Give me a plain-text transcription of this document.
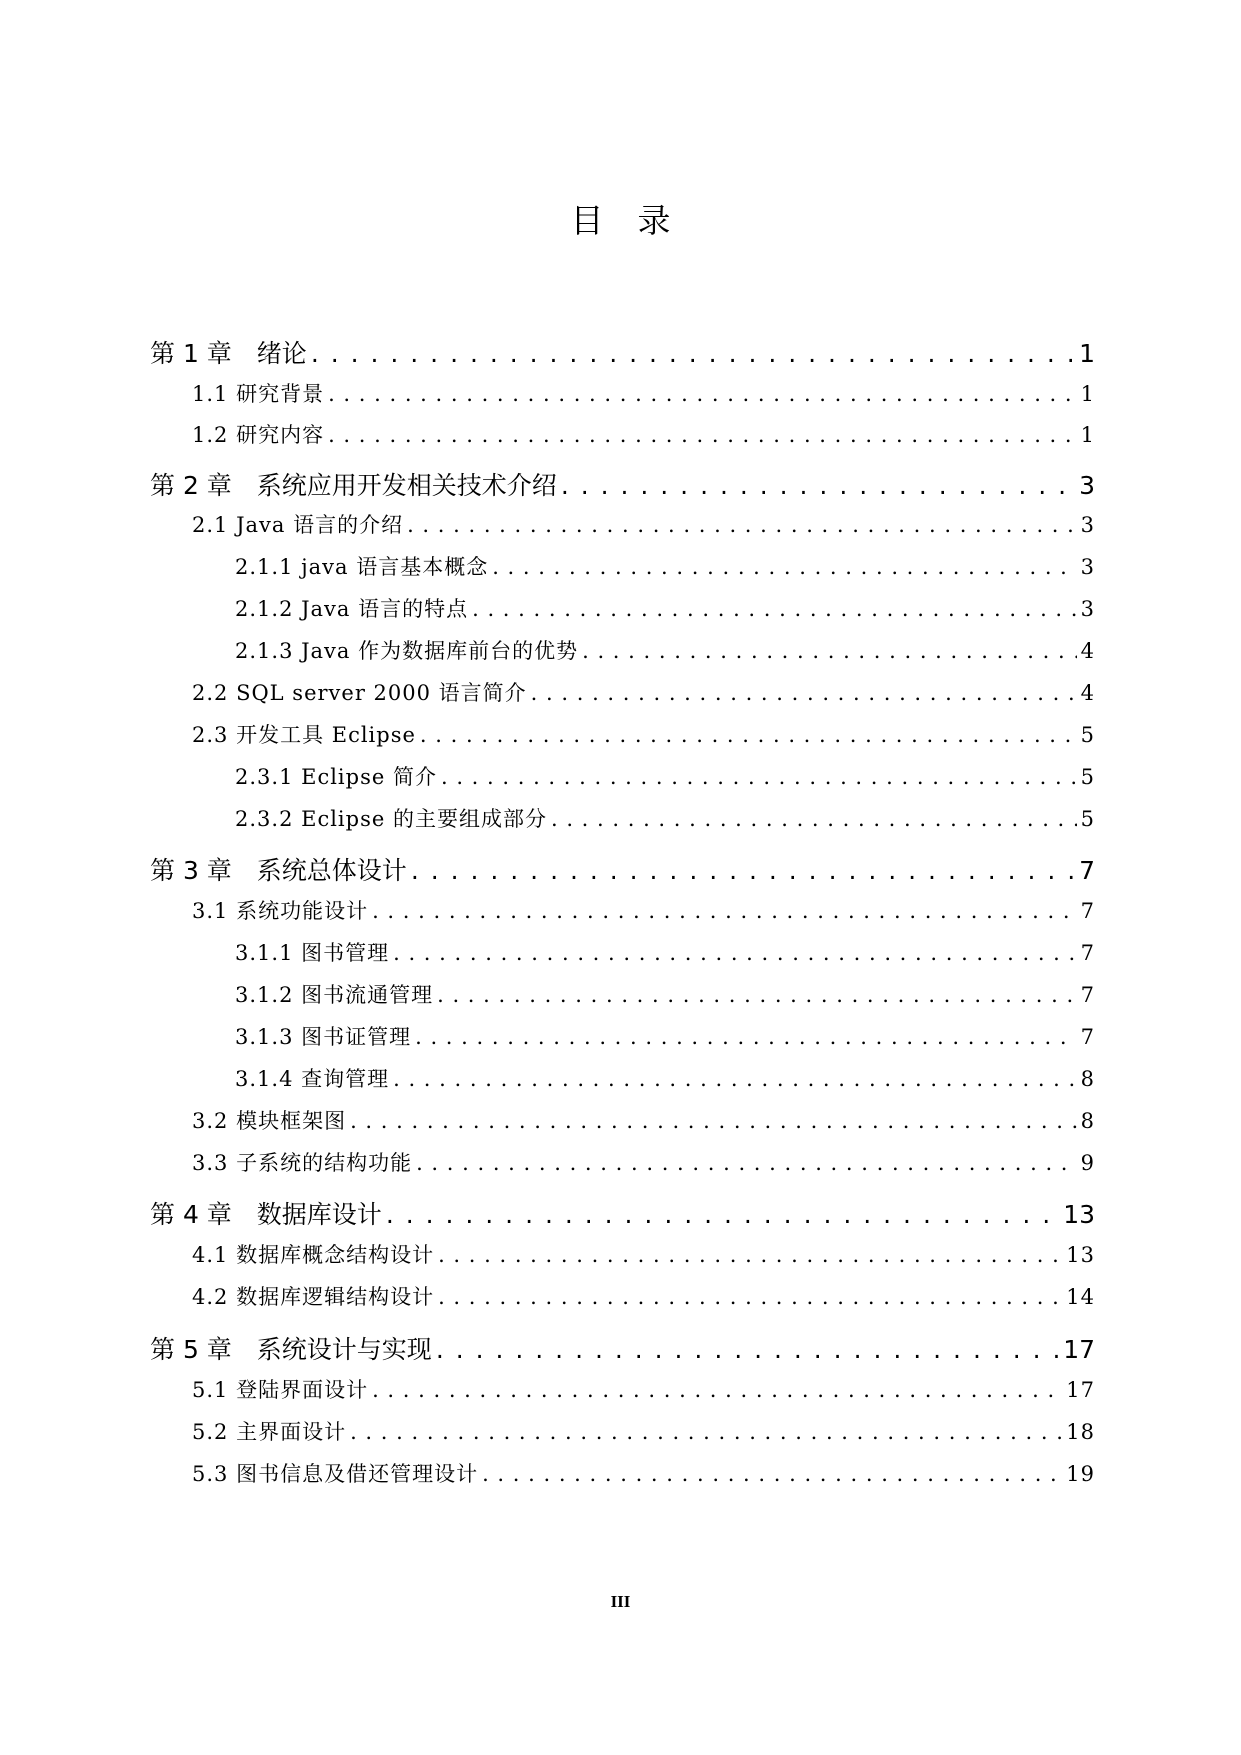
目录
第 1 章　绪论 . . .	1
1.1 研究背景 . . .	1
1.2 研究内容 . . .	1
第 2 章　系统应用开发相关技术介绍 . . .	3
2.1 Java 语言的介绍 . . .	3
2.1.1 java 语言基本概念 . . .	3
2.1.2 Java 语言的特点 . . .	3
2.1.3 Java 作为数据库前台的优势 . . .	4
2.2 SQL server 2000 语言简介 . . .	4
2.3 开发工具 Eclipse . . .	5
2.3.1 Eclipse 简介 . . .	5
2.3.2 Eclipse 的主要组成部分 . . .	5
第 3 章　系统总体设计 . . .	7
3.1 系统功能设计 . . .	7
3.1.1 图书管理 . . .	7
3.1.2 图书流通管理 . . .	7
3.1.3 图书证管理 . . .	7
3.1.4 查询管理 . . .	8
3.2 模块框架图 . . .	8
3.3 子系统的结构功能 . . .	9
第 4 章　数据库设计 . . .	13
4.1 数据库概念结构设计 . . .	13
4.2 数据库逻辑结构设计 . . .	14
第 5 章　系统设计与实现 . . .	17
5.1 登陆界面设计 . . .	17
5.2 主界面设计 . . .	18
5.3 图书信息及借还管理设计 . . .	19
III
